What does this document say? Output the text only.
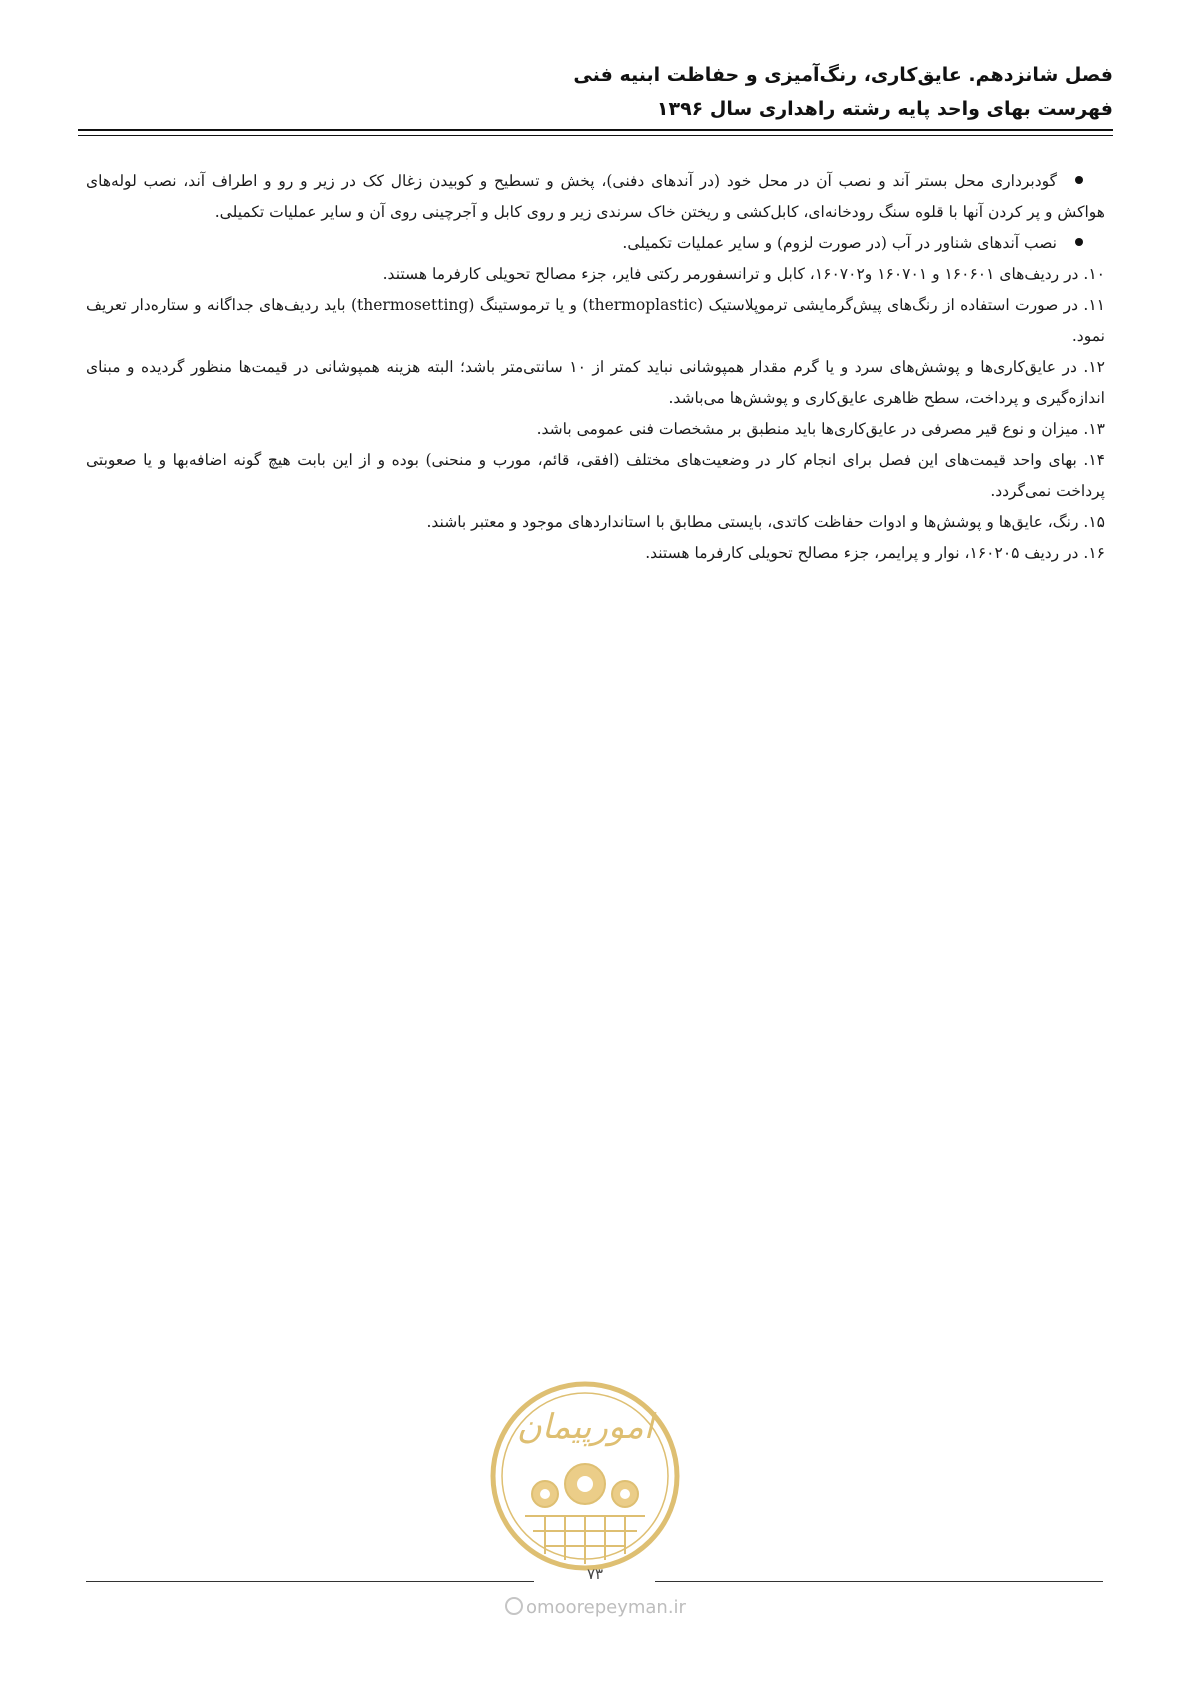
فصل شانزدهم. عایق‌کاری، رنگ‌آمیزی و حفاظت ابنیه فنی
فهرست بهای واحد پایه رشته راهداری سال ۱۳۹۶

گودبرداری محل بستر آند و نصب آن در محل خود (در آندهای دفنی)، پخش و تسطیح و کوبیدن زغال کک در زیر و رو و اطراف آند، نصب لوله‌های هواکش و پر کردن آنها با قلوه سنگ رودخانه‌ای، کابل‌کشی و ریختن خاک سرندی زیر و روی کابل و آجرچینی روی آن و سایر عملیات تکمیلی.

نصب آندهای شناور در آب (در صورت لزوم) و سایر عملیات تکمیلی.

۱۰. در ردیف‌های ۱۶۰۶۰۱ و ۱۶۰۷۰۱ و۱۶۰۷۰۲، کابل و ترانسفورمر رکتی فایر، جزء مصالح تحویلی کارفرما هستند.

۱۱. در صورت استفاده از رنگ‌های پیش‌گرمایشی ترموپلاستیک (thermoplastic) و یا ترموستینگ (thermosetting) باید ردیف‌های جداگانه و ستاره‌دار تعریف نمود.

۱۲. در عایق‌کاری‌ها و پوشش‌های سرد و یا گرم مقدار همپوشانی نباید کمتر از ۱۰ سانتی‌متر باشد؛ البته هزینه همپوشانی در قیمت‌ها منظور گردیده و مبنای اندازه‌گیری و پرداخت، سطح ظاهری عایق‌کاری و پوشش‌ها می‌باشد.

۱۳. میزان و نوع قیر مصرفی در عایق‌کاری‌ها باید منطبق بر مشخصات فنی عمومی باشد.

۱۴. بهای واحد قیمت‌های این فصل برای انجام کار در وضعیت‌های مختلف (افقی، قائم، مورب و منحنی) بوده و از این بابت هیچ گونه اضافه‌بها و یا صعوبتی پرداخت نمی‌گردد.

۱۵. رنگ، عایق‌ها و پوشش‌ها و ادوات حفاظت کاتدی، بایستی مطابق با استانداردهای موجود و معتبر باشند.

۱۶. در ردیف ۱۶۰۲۰۵، نوار و پرایمر، جزء مصالح تحویلی کارفرما هستند.

امورپیمان
۷۳
omoorepeyman.ir
